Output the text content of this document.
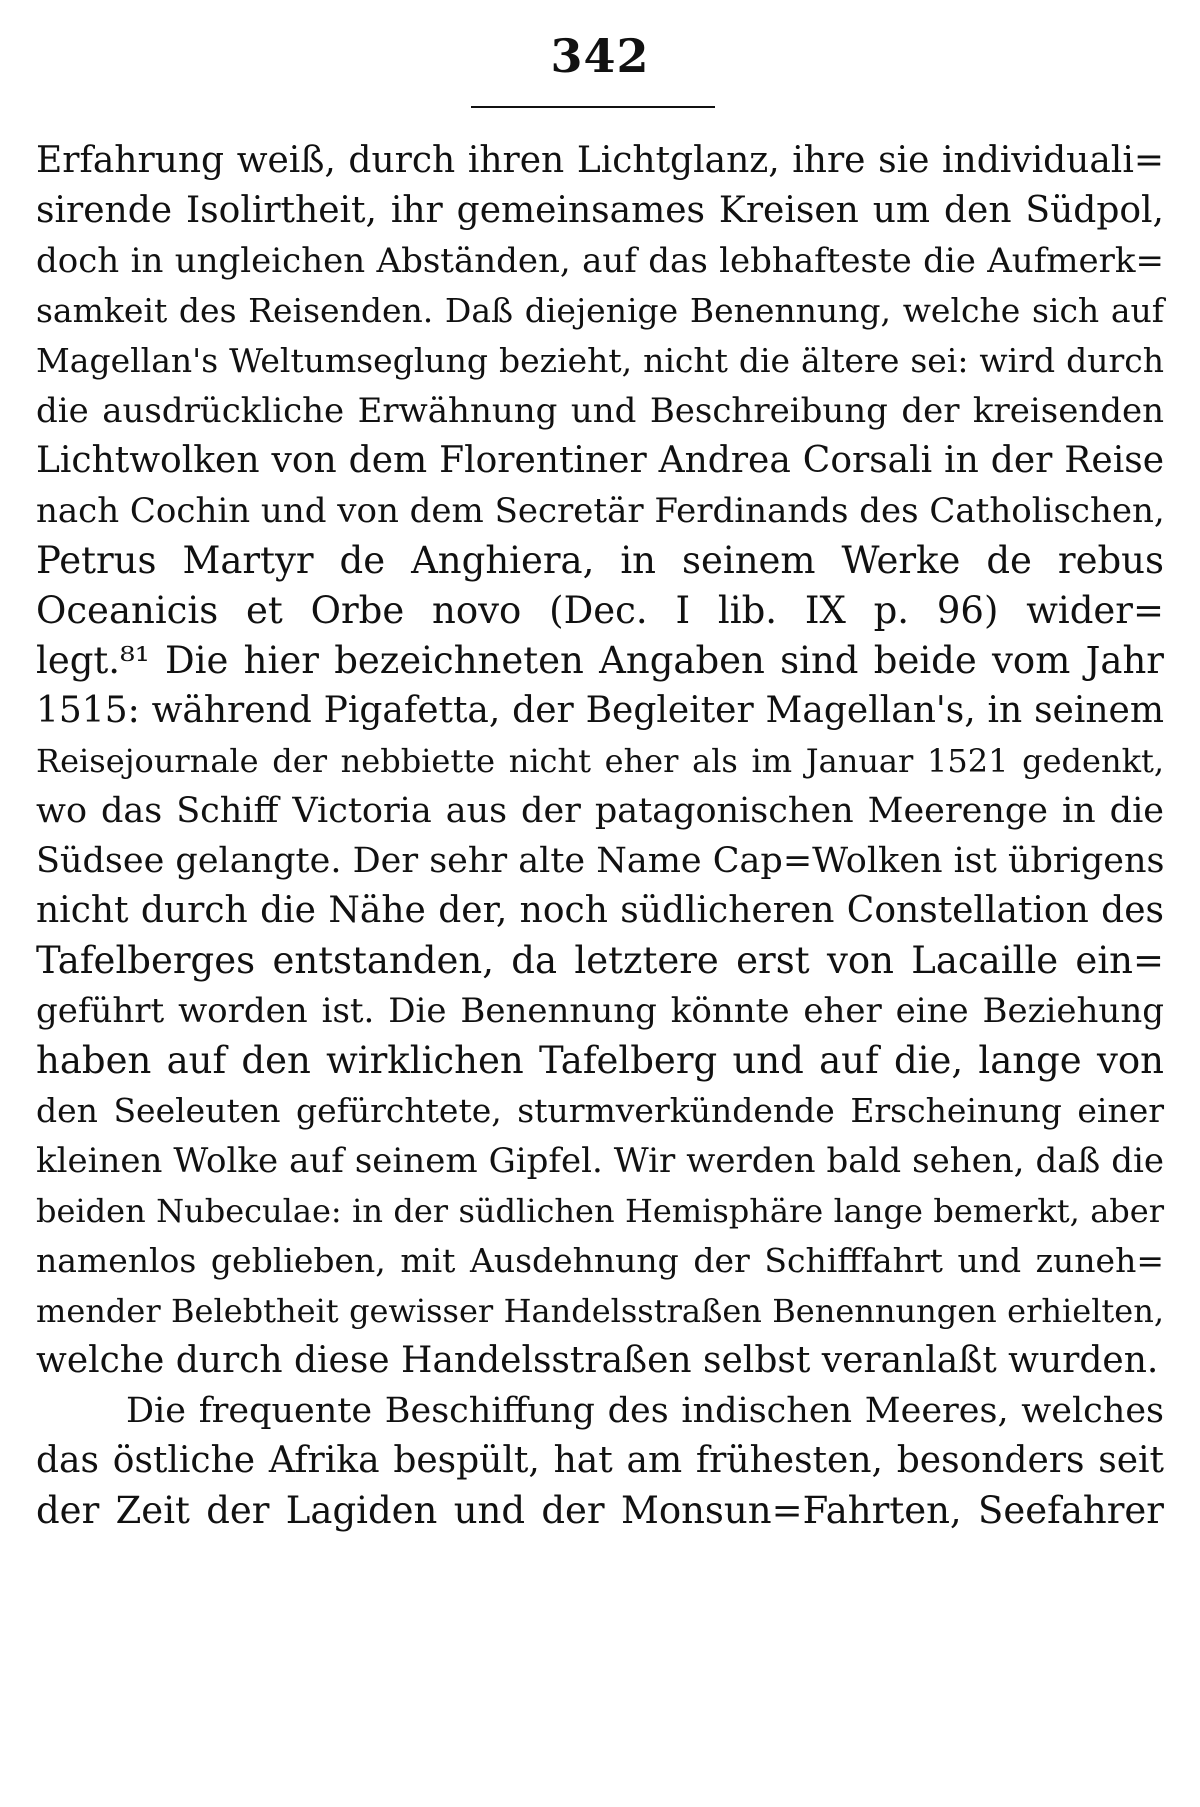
342
Erfahrung weiß, durch ihren Lichtglanz, ihre sie individuali=
sirende Isolirtheit, ihr gemeinsames Kreisen um den Südpol,
doch in ungleichen Abständen, auf das lebhafteste die Aufmerk=
samkeit des Reisenden. Daß diejenige Benennung, welche sich auf
Magellan's Weltumseglung bezieht, nicht die ältere sei: wird durch
die ausdrückliche Erwähnung und Beschreibung der kreisenden
Lichtwolken von dem Florentiner Andrea Corsali in der Reise
nach Cochin und von dem Secretär Ferdinands des Catholischen,
Petrus Martyr de Anghiera, in seinem Werke de rebus
Oceanicis et Orbe novo (Dec. I lib. IX p. 96) wider=
legt.⁸¹ Die hier bezeichneten Angaben sind beide vom Jahr
1515: während Pigafetta, der Begleiter Magellan's, in seinem
Reisejournale der nebbiette nicht eher als im Januar 1521 gedenkt,
wo das Schiff Victoria aus der patagonischen Meerenge in die
Südsee gelangte. Der sehr alte Name Cap=Wolken ist übrigens
nicht durch die Nähe der, noch südlicheren Constellation des
Tafelberges entstanden, da letztere erst von Lacaille ein=
geführt worden ist. Die Benennung könnte eher eine Beziehung
haben auf den wirklichen Tafelberg und auf die, lange von
den Seeleuten gefürchtete, sturmverkündende Erscheinung einer
kleinen Wolke auf seinem Gipfel. Wir werden bald sehen, daß die
beiden Nubeculae: in der südlichen Hemisphäre lange bemerkt, aber
namenlos geblieben, mit Ausdehnung der Schifffahrt und zuneh=
mender Belebtheit gewisser Handelsstraßen Benennungen erhielten,
welche durch diese Handelsstraßen selbst veranlaßt wurden.
Die frequente Beschiffung des indischen Meeres, welches
das östliche Afrika bespült, hat am frühesten, besonders seit
der Zeit der Lagiden und der Monsun=Fahrten, Seefahrer
